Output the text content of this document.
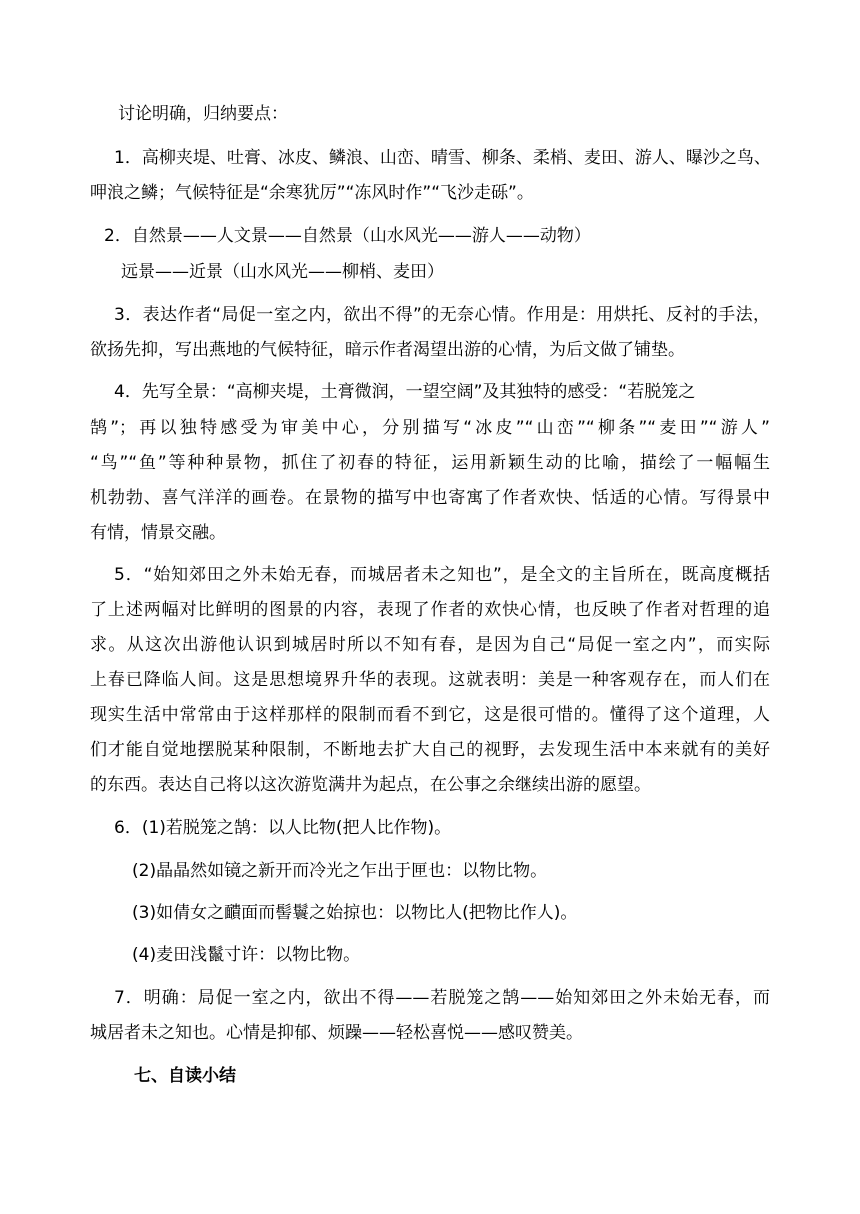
讨论明确，归纳要点：
1．高柳夹堤、吐膏、冰皮、鳞浪、山峦、晴雪、柳条、柔梢、麦田、游人、曝沙之鸟、
呷浪之鳞；气候特征是“余寒犹厉”“冻风时作”“飞沙走砾”。
2．自然景——人文景——自然景（山水风光——游人——动物）
远景——近景（山水风光——柳梢、麦田）
3．表达作者“局促一室之内，欲出不得”的无奈心情。作用是：用烘托、反衬的手法，
欲扬先抑，写出燕地的气候特征，暗示作者渴望出游的心情，为后文做了铺垫。
4．先写全景：“高柳夹堤，土膏微润，一望空阔”及其独特的感受：“若脱笼之
鹄”；再以独特感受为审美中心，分别描写“冰皮”“山峦”“柳条”“麦田”“游人”
“鸟”“鱼”等种种景物，抓住了初春的特征，运用新颖生动的比喻，描绘了一幅幅生
机勃勃、喜气洋洋的画卷。在景物的描写中也寄寓了作者欢快、恬适的心情。写得景中
有情，情景交融。
5．“始知郊田之外未始无春，而城居者未之知也”，是全文的主旨所在，既高度概括
了上述两幅对比鲜明的图景的内容，表现了作者的欢快心情，也反映了作者对哲理的追
求。从这次出游他认识到城居时所以不知有春，是因为自己“局促一室之内”，而实际
上春已降临人间。这是思想境界升华的表现。这就表明：美是一种客观存在，而人们在
现实生活中常常由于这样那样的限制而看不到它，这是很可惜的。懂得了这个道理，人
们才能自觉地摆脱某种限制，不断地去扩大自己的视野，去发现生活中本来就有的美好
的东西。表达自己将以这次游览满井为起点，在公事之余继续出游的愿望。
6．(1)若脱笼之鹄：以人比物(把人比作物)。
(2)晶晶然如镜之新开而冷光之乍出于匣也：以物比物。
(3)如倩女之靧面而髻鬟之始掠也：以物比人(把物比作人)。
(4)麦田浅鬣寸许：以物比物。
7．明确：局促一室之内，欲出不得——若脱笼之鹄——始知郊田之外未始无春，而
城居者未之知也。心情是抑郁、烦躁——轻松喜悦——感叹赞美。
七、自读小结
